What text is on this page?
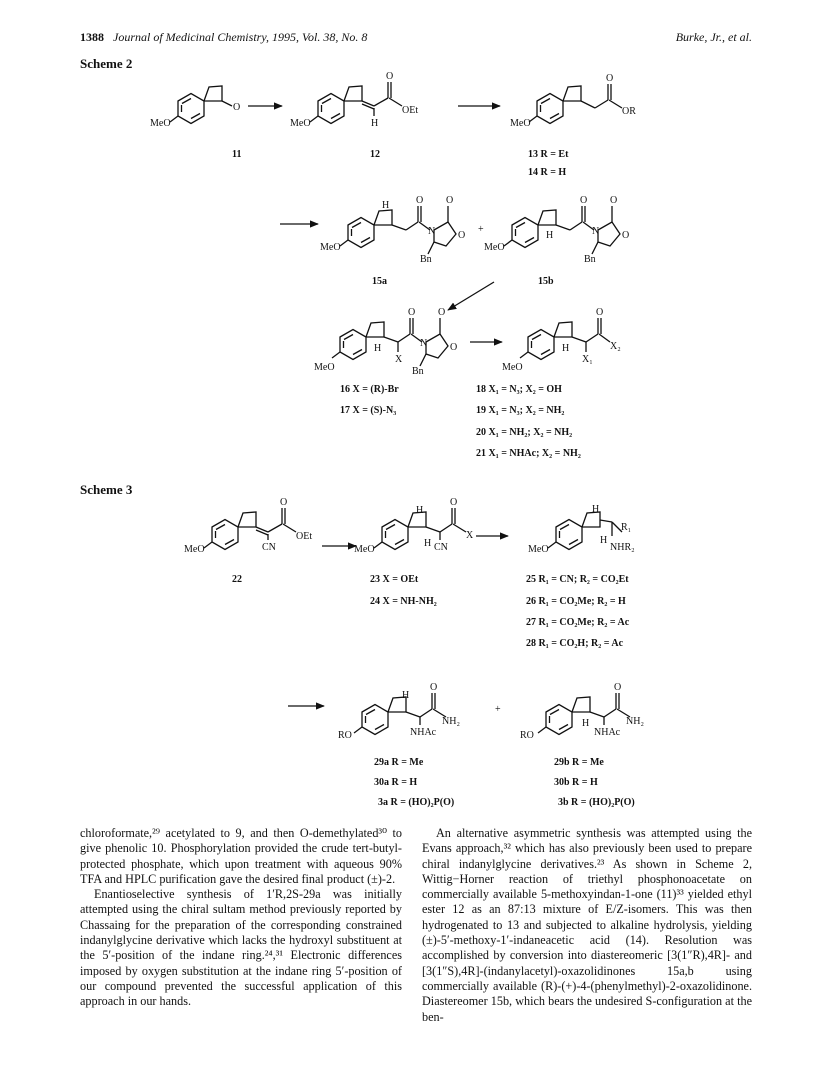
1388 Journal of Medicinal Chemistry, 1995, Vol. 38, No. 8	Burke, Jr., et al.
Scheme 2
Scheme 3
O
MeO
O
OEt
H
MeO
O
OR
MeO
11	12	13 R = Et
14 R = H
H	O O
N O
Bn
MeO
+
H
O O
N O
Bn
MeO
15a	15b
H
X
O O
N O
Bn
MeO
H
X₁
O
X₂
MeO
16 X = (R)-Br
17 X = (S)-N₃
18 X₁ = N₃; X₂ = OH
19 X₁ = N₃; X₂ = NH₂
20 X₁ = NH₂; X₂ = NH₂
21 X₁ = NHAc; X₂ = NH₂
O
OEt
CN
MeO
H
O
X
H CN
MeO
H
R₁
H
NHR₂
MeO
22	23 X = OEt
24 X = NH-NH₂
25 R₁ = CN; R₂ = CO₂Et
26 R₁ = CO₂Me; R₂ = H
27 R₁ = CO₂Me; R₂ = Ac
28 R₁ = CO₂H; R₂ = Ac
H
O
NH₂
NHAc
RO
+
H
O
NH₂
NHAc
RO
29a R = Me
30a R = H
3a R = (HO)₂P(O)
29b R = Me
30b R = H
3b R = (HO)₂P(O)

chloroformate,²⁹ acetylated to 9, and then O-demethylated³⁰ to give phenolic 10. Phosphorylation provided the crude tert-butyl-protected phosphate, which upon treatment with aqueous 90% TFA and HPLC purification gave the desired final product (±)-2.

Enantioselective synthesis of 1′R,2S-29a was initially attempted using the chiral sultam method previously reported by Chassaing for the preparation of the corresponding constrained indanylglycine derivative which lacks the hydroxyl substituent at the 5′-position of the indane ring.²⁴,³¹ Electronic differences imposed by oxygen substitution at the indane ring 5′-position of our compound prevented the successful application of this approach in our hands.

An alternative asymmetric synthesis was attempted using the Evans approach,³² which has also previously been used to prepare chiral indanylglycine derivatives.²³ As shown in Scheme 2, Wittig−Horner reaction of triethyl phosphonoacetate on commercially available 5-methoxyindan-1-one (11)³³ yielded ethyl ester 12 as an 87:13 mixture of E/Z-isomers. This was then hydrogenated to 13 and subjected to alkaline hydrolysis, yielding (±)-5′-methoxy-1′-indaneacetic acid (14). Resolution was accomplished by conversion into diastereomeric [3(1″R),4R]- and [3(1″S),4R]-(indanylacetyl)-oxazolidinones 15a,b using commercially available (R)-(+)-4-(phenylmethyl)-2-oxazolidinone. Diastereomer 15b, which bears the undesired S-configuration at the ben-
